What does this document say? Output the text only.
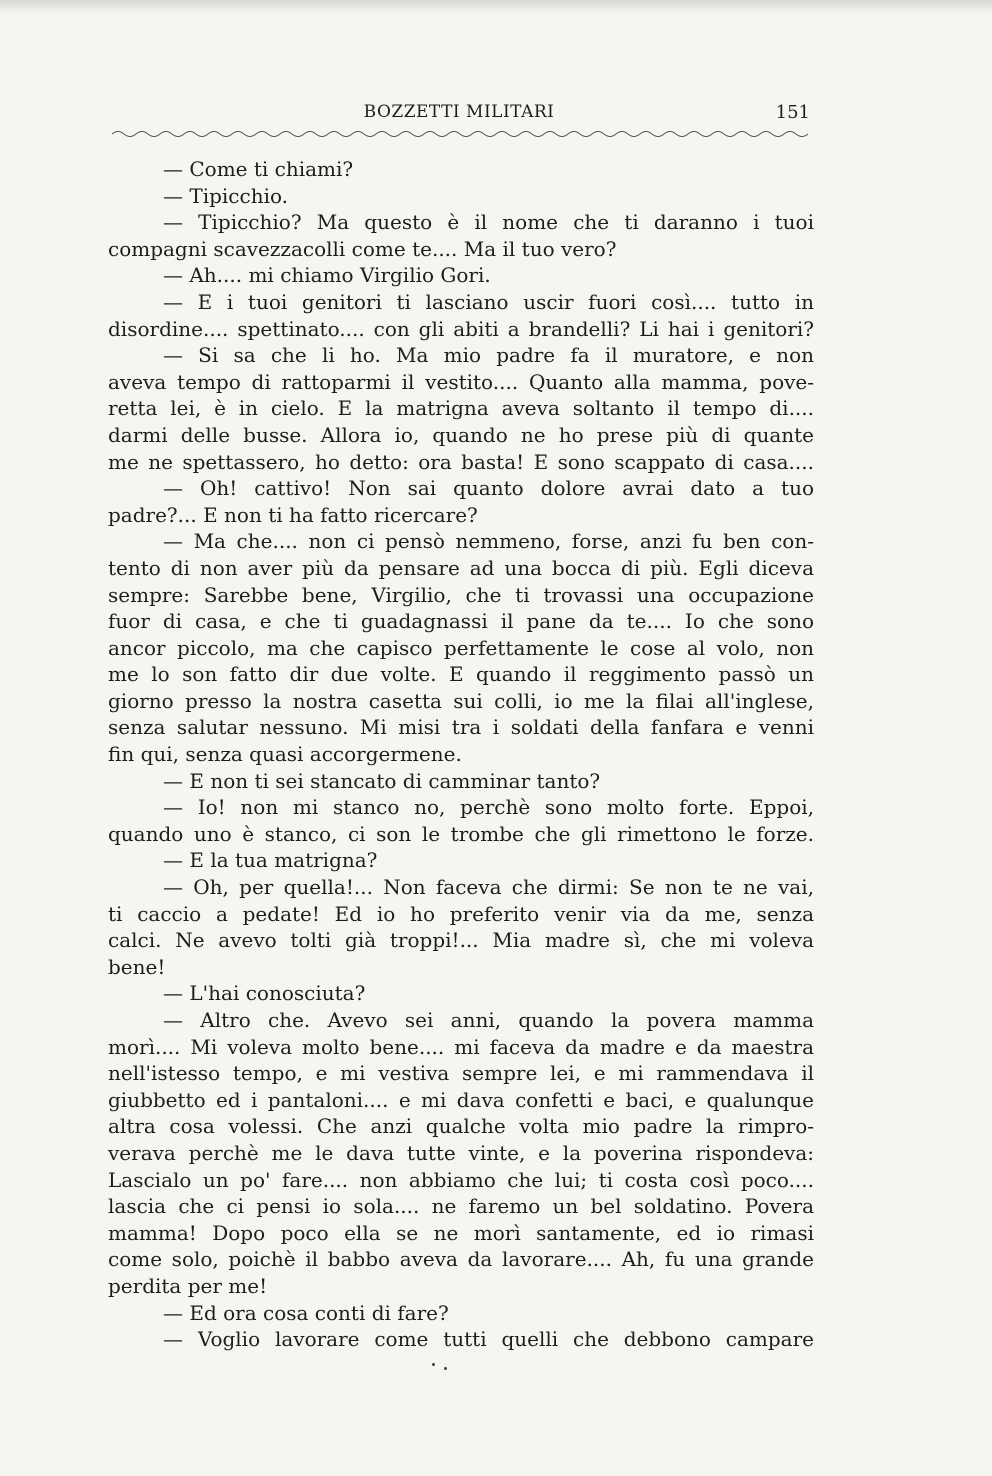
BOZZETTI MILITARI	151
— Come ti chiami?
— Tipicchio.
— Tipicchio? Ma questo è il nome che ti daranno i tuoi
compagni scavezzacolli come te.... Ma il tuo vero?
— Ah.... mi chiamo Virgilio Gori.
— E i tuoi genitori ti lasciano uscir fuori così.... tutto in
disordine.... spettinato.... con gli abiti a brandelli? Li hai i genitori?
— Si sa che li ho. Ma mio padre fa il muratore, e non
aveva tempo di rattoparmi il vestito.... Quanto alla mamma, pove-
retta lei, è in cielo. E la matrigna aveva soltanto il tempo di....
darmi delle busse. Allora io, quando ne ho prese più di quante
me ne spettassero, ho detto: ora basta! E sono scappato di casa....
— Oh! cattivo! Non sai quanto dolore avrai dato a tuo
padre?... E non ti ha fatto ricercare?
— Ma che.... non ci pensò nemmeno, forse, anzi fu ben con-
tento di non aver più da pensare ad una bocca di più. Egli diceva
sempre: Sarebbe bene, Virgilio, che ti trovassi una occupazione
fuor di casa, e che ti guadagnassi il pane da te.... Io che sono
ancor piccolo, ma che capisco perfettamente le cose al volo, non
me lo son fatto dir due volte. E quando il reggimento passò un
giorno presso la nostra casetta sui colli, io me la filai all'inglese,
senza salutar nessuno. Mi misi tra i soldati della fanfara e venni
fin qui, senza quasi accorgermene.
— E non ti sei stancato di camminar tanto?
— Io! non mi stanco no, perchè sono molto forte. Eppoi,
quando uno è stanco, ci son le trombe che gli rimettono le forze.
— E la tua matrigna?
— Oh, per quella!... Non faceva che dirmi: Se non te ne vai,
ti caccio a pedate! Ed io ho preferito venir via da me, senza
calci. Ne avevo tolti già troppi!... Mia madre sì, che mi voleva
bene!
— L'hai conosciuta?
— Altro che. Avevo sei anni, quando la povera mamma
morì.... Mi voleva molto bene.... mi faceva da madre e da maestra
nell'istesso tempo, e mi vestiva sempre lei, e mi rammendava il
giubbetto ed i pantaloni.... e mi dava confetti e baci, e qualunque
altra cosa volessi. Che anzi qualche volta mio padre la rimpro-
verava perchè me le dava tutte vinte, e la poverina rispondeva:
Lascialo un po' fare.... non abbiamo che lui; ti costa così poco....
lascia che ci pensi io sola.... ne faremo un bel soldatino. Povera
mamma! Dopo poco ella se ne morì santamente, ed io rimasi
come solo, poichè il babbo aveva da lavorare.... Ah, fu una grande
perdita per me!
— Ed ora cosa conti di fare?
— Voglio lavorare come tutti quelli che debbono campare
